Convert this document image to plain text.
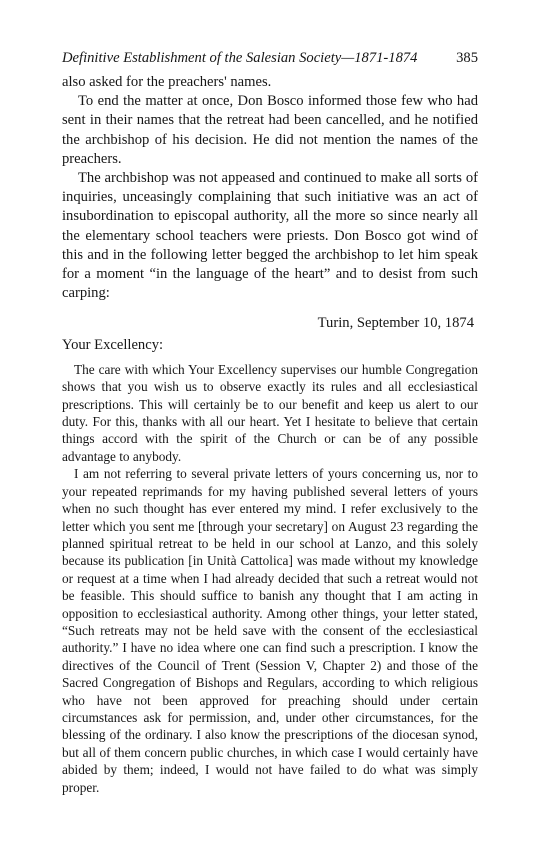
Definitive Establishment of the Salesian Society—1871-1874	385

also asked for the preachers' names.

To end the matter at once, Don Bosco informed those few who had sent in their names that the retreat had been cancelled, and he notified the archbishop of his decision. He did not mention the names of the preachers.

The archbishop was not appeased and continued to make all sorts of inquiries, unceasingly complaining that such initiative was an act of insubordination to episcopal authority, all the more so since nearly all the elementary school teachers were priests. Don Bosco got wind of this and in the following letter begged the archbishop to let him speak for a moment “in the language of the heart” and to desist from such carping:

Turin, September 10, 1874
Your Excellency:

The care with which Your Excellency supervises our humble Congregation shows that you wish us to observe exactly its rules and all ecclesiastical prescriptions. This will certainly be to our benefit and keep us alert to our duty. For this, thanks with all our heart. Yet I hesitate to believe that certain things accord with the spirit of the Church or can be of any possible advantage to anybody.

I am not referring to several private letters of yours concerning us, nor to your repeated reprimands for my having published several letters of yours when no such thought has ever entered my mind. I refer exclusively to the letter which you sent me [through your secretary] on August 23 regarding the planned spiritual retreat to be held in our school at Lanzo, and this solely because its publication [in Unità Cattolica] was made without my knowledge or request at a time when I had already decided that such a retreat would not be feasible. This should suffice to banish any thought that I am acting in opposition to ecclesiastical authority. Among other things, your letter stated, “Such retreats may not be held save with the consent of the ecclesiastical authority.” I have no idea where one can find such a prescription. I know the directives of the Council of Trent (Session V, Chapter 2) and those of the Sacred Congregation of Bishops and Regulars, according to which religious who have not been approved for preaching should under certain circumstances ask for permission, and, under other circumstances, for the blessing of the ordinary. I also know the prescriptions of the diocesan synod, but all of them concern public churches, in which case I would certainly have abided by them; indeed, I would not have failed to do what was simply proper.
